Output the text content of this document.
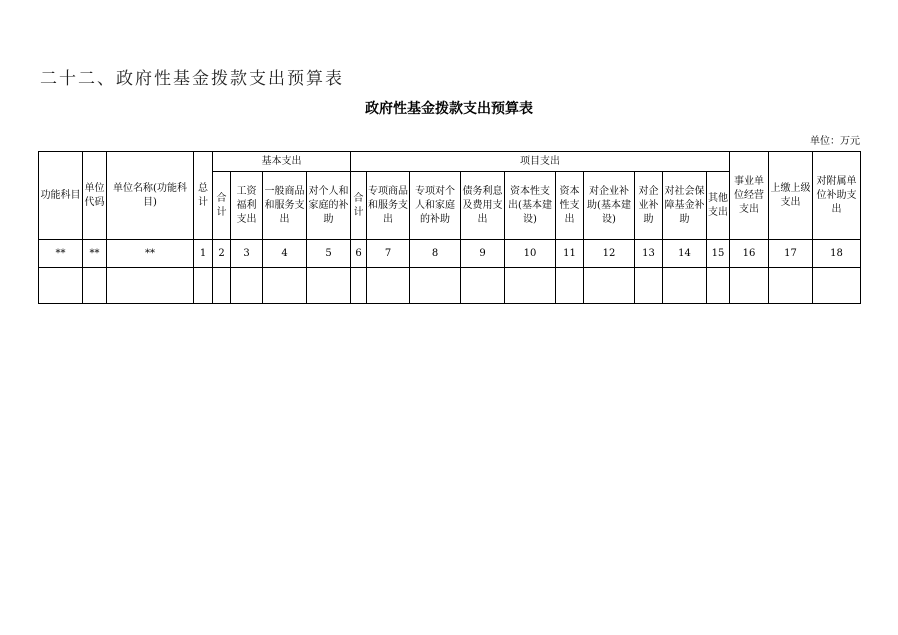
二十二、政府性基金拨款支出预算表
政府性基金拨款支出预算表
单位：万元
功能科目	单位代码	单位名称(功能科目)	总计	基本支出				项目支出										事业单位经营支出	上缴上级支出	对附属单位补助支出
				合计	工资福利支出	一般商品和服务支出	对个人和家庭的补助	合计	专项商品和服务支出	专项对个人和家庭的补助	债务利息及费用支出	资本性支出(基本建设)	资本性支出	对企业补助(基本建设)	对企业补助	对社会保障基金补助	其他支出			
**	**	**	1	2	3	4	5	6	7	8	9	10	11	12	13	14	15	16	17	18
